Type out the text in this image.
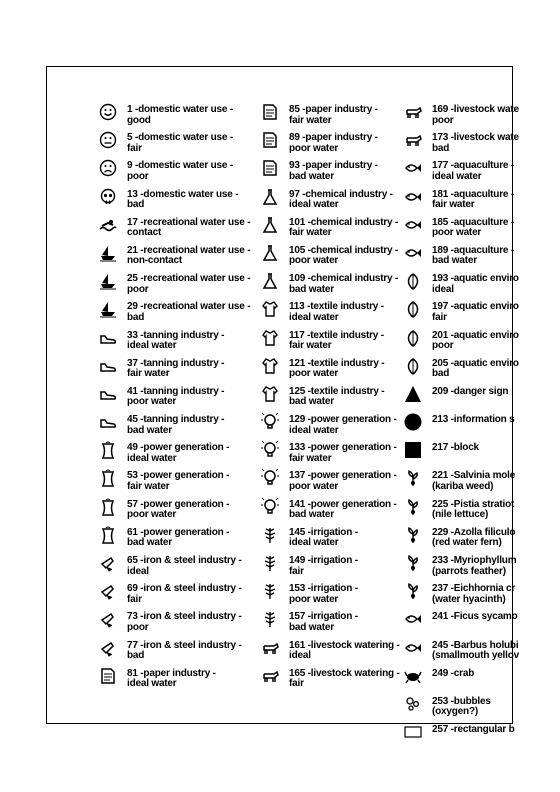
1 -domestic water use -
good
5 -domestic water use -
fair
9 -domestic water use -
poor
13 -domestic water use -
bad
17 -recreational water use -
contact
21 -recreational water use -
non-contact
25 -recreational water use -
poor
29 -recreational water use -
bad
33 -tanning industry -
ideal water
37 -tanning industry -
fair water
41 -tanning industry -
poor water
45 -tanning industry -
bad water
49 -power generation -
ideal water
53 -power generation -
fair water
57 -power generation -
poor water
61 -power generation -
bad water
65 -iron & steel industry -
ideal
69 -iron & steel industry -
fair
73 -iron & steel industry -
poor
77 -iron & steel industry -
bad
81 -paper industry -
ideal water
85 -paper industry -
fair water
89 -paper industry -
poor water
93 -paper industry -
bad water
97 -chemical industry -
ideal water
101 -chemical industry -
fair water
105 -chemical industry -
poor water
109 -chemical industry -
bad water
113 -textile industry -
ideal water
117 -textile industry -
fair water
121 -textile industry -
poor water
125 -textile industry -
bad water
129 -power generation -
ideal water
133 -power generation -
fair water
137 -power generation -
poor water
141 -power generation -
bad water
145 -irrigation -
ideal water
149 -irrigation -
fair
153 -irrigation -
poor water
157 -irrigation -
bad water
161 -livestock watering -
ideal
165 -livestock watering -
fair
169 -livestock wate
poor
173 -livestock wate
bad
177 -aquaculture -
ideal water
181 -aquaculture -
fair water
185 -aquaculture -
poor water
189 -aquaculture -
bad water
193 -aquatic enviro
ideal
197 -aquatic enviro
fair
201 -aquatic enviro
poor
205 -aquatic enviro
bad
209 -danger sign
213 -information s
217 -block
221 -Salvinia mole
(kariba weed)
225 -Pistia stratiot
(nile lettuce)
229 -Azolla filiculo
(red water fern)
233 -Myriophyllum
(parrots feather)
237 -Eichhornia cr
(water hyacinth)
241 -Ficus sycamo
245 -Barbus holubi
(smallmouth yellov
249 -crab
253 -bubbles
(oxygen?)
257 -rectangular b
